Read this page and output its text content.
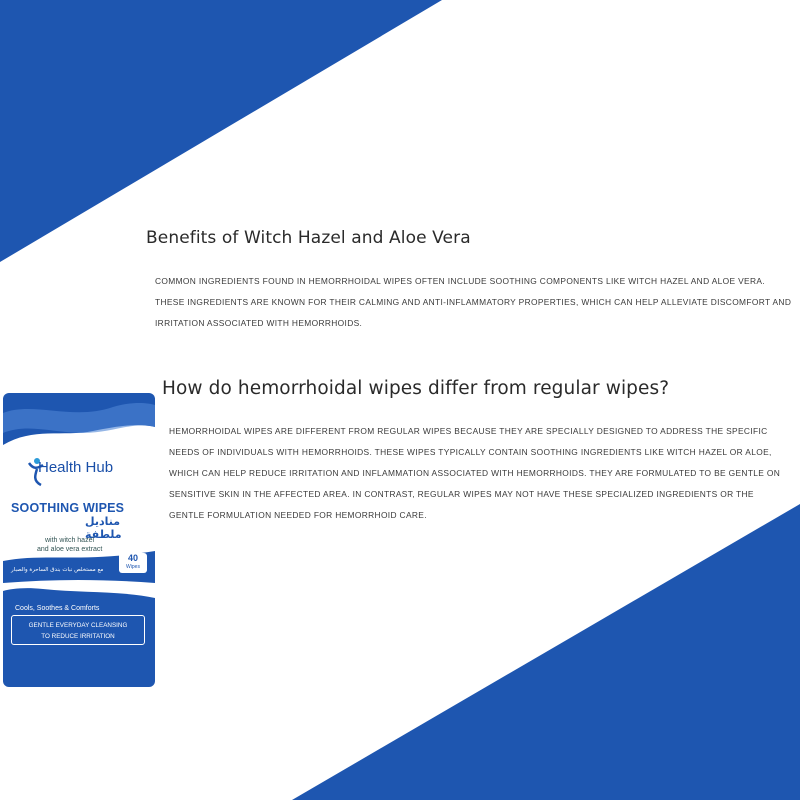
Benefits of Witch Hazel and Aloe Vera

COMMON INGREDIENTS FOUND IN HEMORRHOIDAL WIPES OFTEN INCLUDE SOOTHING COMPONENTS LIKE WITCH HAZEL AND ALOE VERA. THESE INGREDIENTS ARE KNOWN FOR THEIR CALMING AND ANTI-INFLAMMATORY PROPERTIES, WHICH CAN HELP ALLEVIATE DISCOMFORT AND IRRITATION ASSOCIATED WITH HEMORRHOIDS.

How do hemorrhoidal wipes differ from regular wipes?

HEMORRHOIDAL WIPES ARE DIFFERENT FROM REGULAR WIPES BECAUSE THEY ARE SPECIALLY DESIGNED TO ADDRESS THE SPECIFIC NEEDS OF INDIVIDUALS WITH HEMORRHOIDS. THESE WIPES TYPICALLY CONTAIN SOOTHING INGREDIENTS LIKE WITCH HAZEL OR ALOE, WHICH CAN HELP REDUCE IRRITATION AND INFLAMMATION ASSOCIATED WITH HEMORRHOIDS. THEY ARE FORMULATED TO BE GENTLE ON SENSITIVE SKIN IN THE AFFECTED AREA. IN CONTRAST, REGULAR WIPES MAY NOT HAVE THESE SPECIALIZED INGREDIENTS OR THE GENTLE FORMULATION NEEDED FOR HEMORRHOID CARE.

Health Hub
SOOTHING WIPES
مناديل ملطفة
with witch hazel
and aloe vera extract
40
Wipes
مع مستخلص نبات بندق الساحرة والصبار
Cools, Soothes & Comforts
GENTLE EVERYDAY CLEANSING
TO REDUCE IRRITATION
